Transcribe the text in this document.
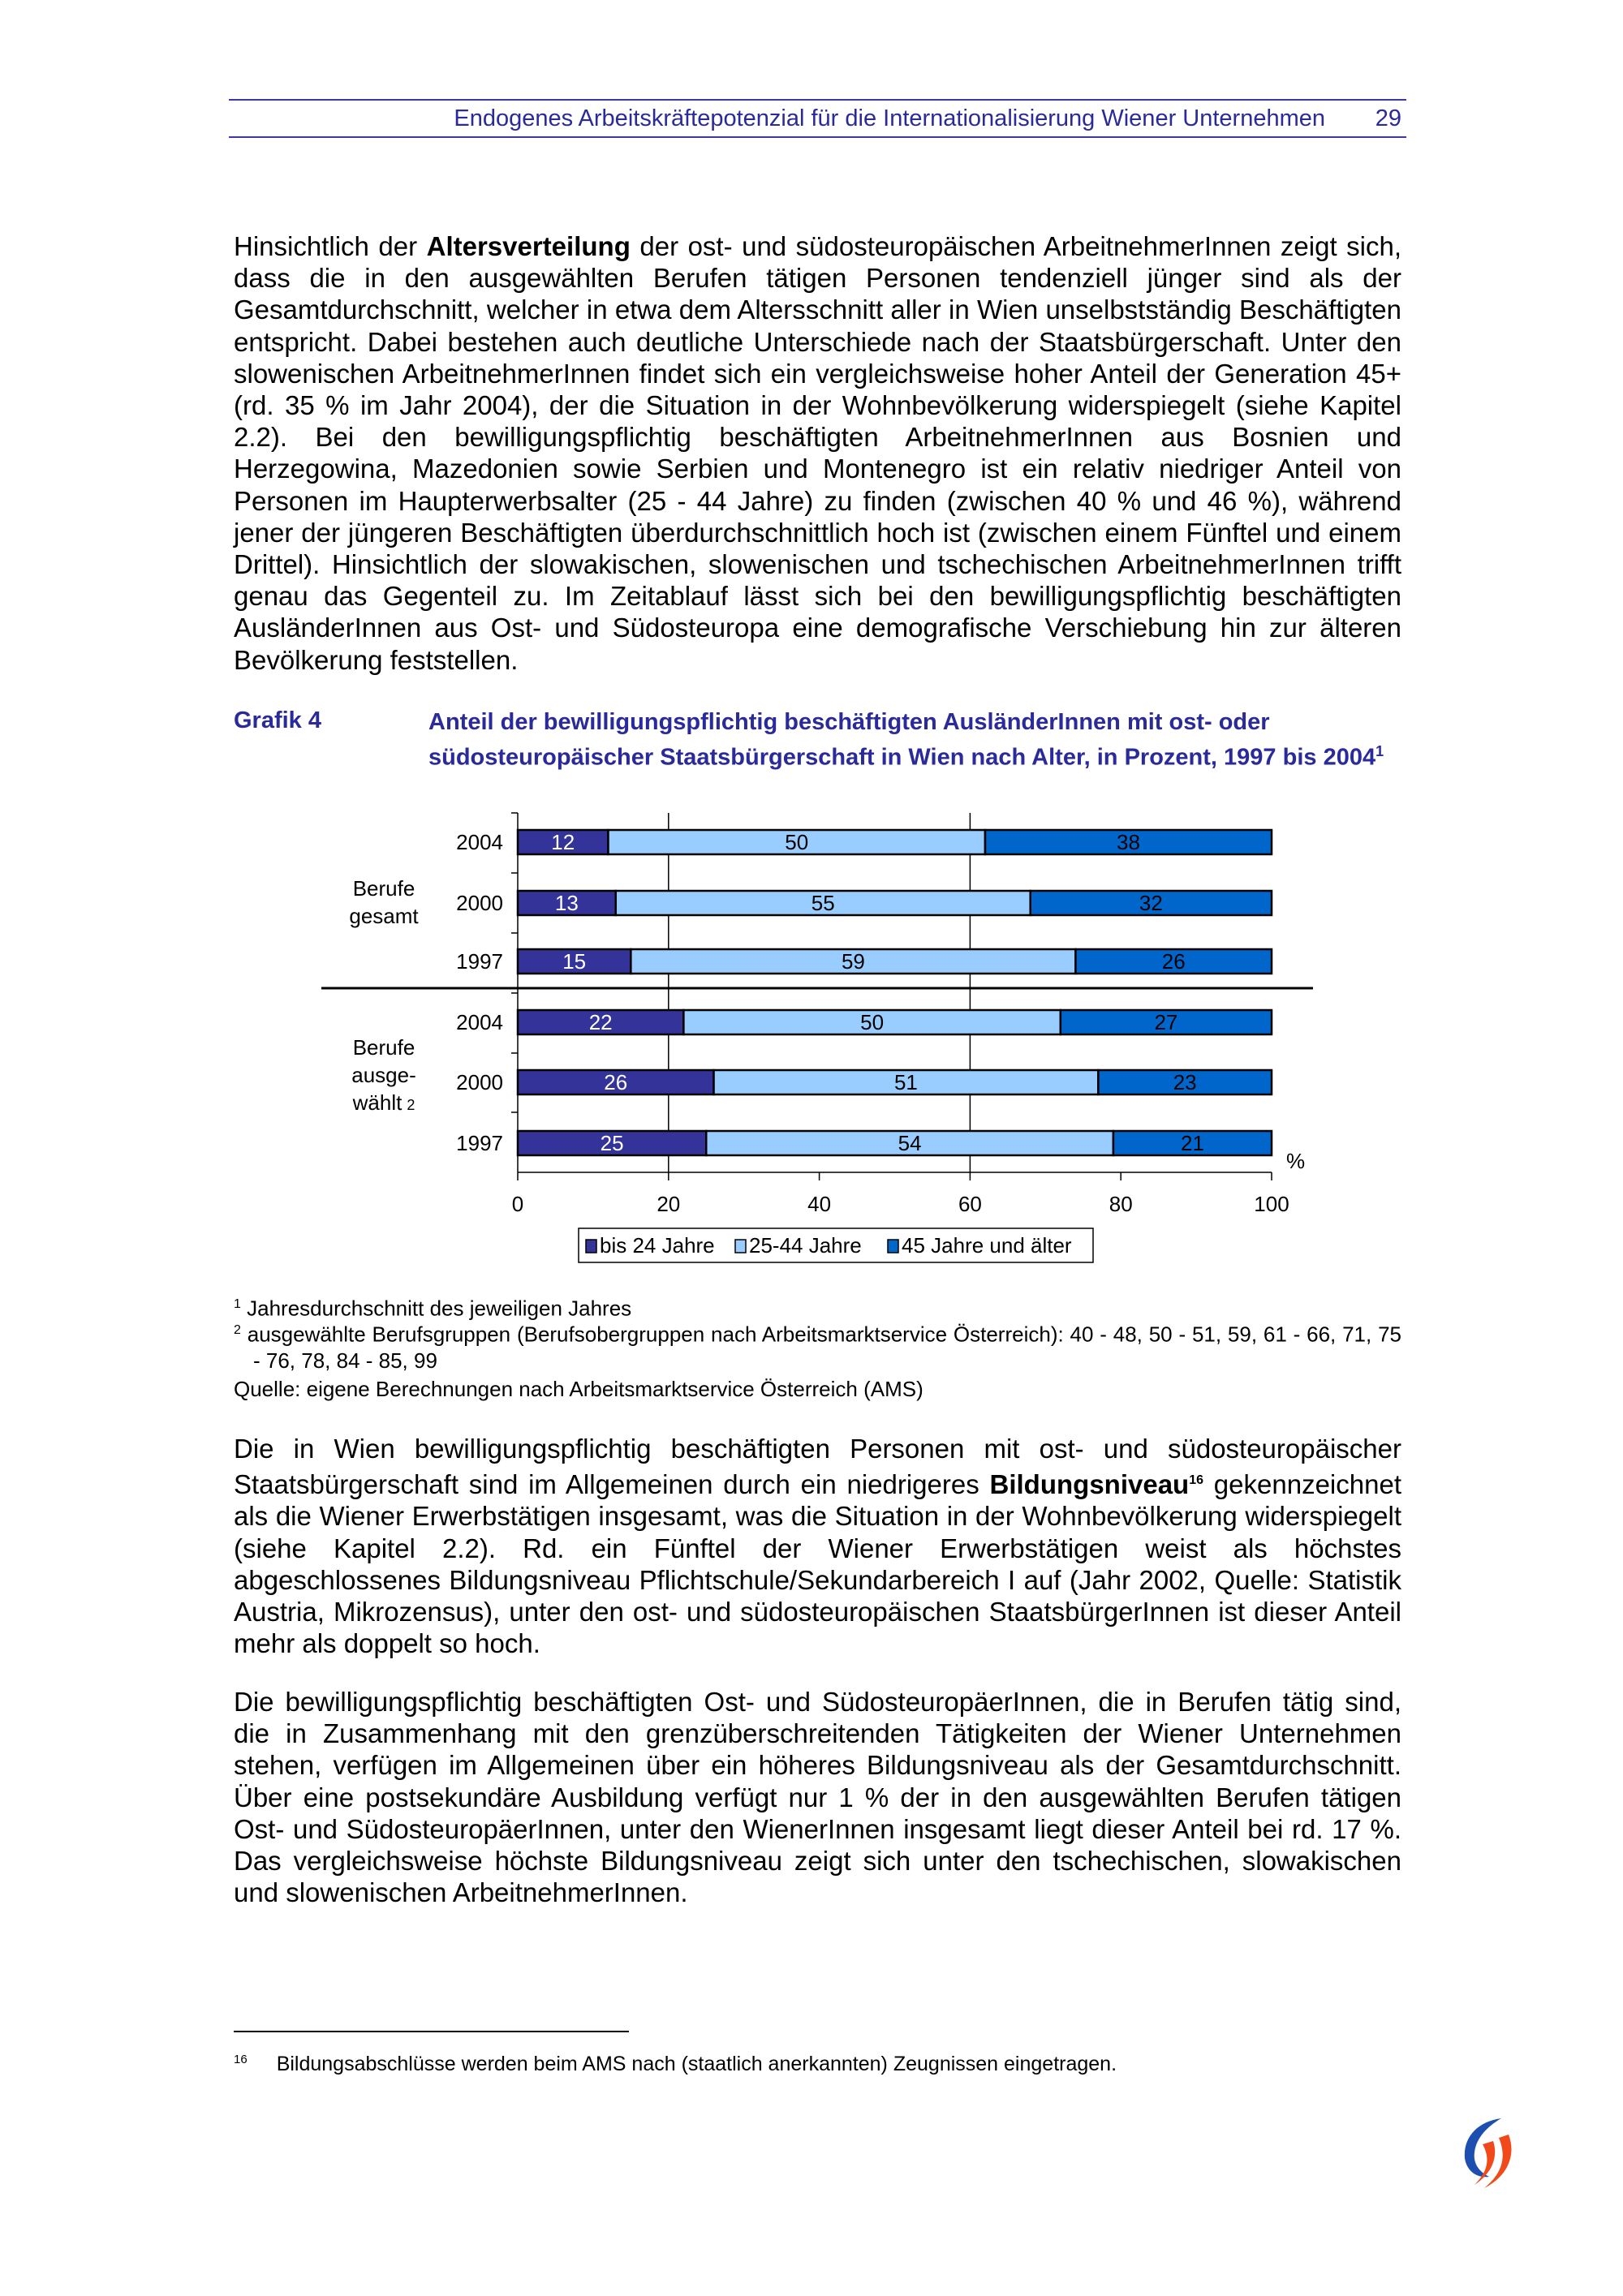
Endogenes Arbeitskräftepotenzial für die Internationalisierung Wiener Unternehmen 29
Hinsichtlich der Altersverteilung der ost- und südosteuropäischen ArbeitnehmerInnen zeigt sich, dass die in den ausgewählten Berufen tätigen Personen tendenziell jünger sind als der Gesamtdurchschnitt, welcher in etwa dem Altersschnitt aller in Wien unselbstständig Beschäftigten entspricht. Dabei bestehen auch deutliche Unterschiede nach der Staatsbürgerschaft. Unter den slowenischen ArbeitnehmerInnen findet sich ein vergleichsweise hoher Anteil der Generation 45+ (rd. 35 % im Jahr 2004), der die Situation in der Wohnbevölkerung widerspiegelt (siehe Kapitel 2.2). Bei den bewilligungspflichtig beschäftigten ArbeitnehmerInnen aus Bosnien und Herzegowina, Mazedonien sowie Serbien und Montenegro ist ein relativ niedriger Anteil von Personen im Haupterwerbsalter (25 - 44 Jahre) zu finden (zwischen 40 % und 46 %), während jener der jüngeren Beschäftigten überdurchschnittlich hoch ist (zwischen einem Fünftel und einem Drittel). Hinsichtlich der slowakischen, slowenischen und tschechischen ArbeitnehmerInnen trifft genau das Gegenteil zu. Im Zeitablauf lässt sich bei den bewilligungspflichtig beschäftigten AusländerInnen aus Ost- und Südosteuropa eine demografische Verschiebung hin zur älteren Bevölkerung feststellen.
Grafik 4	Anteil der bewilligungspflichtig beschäftigten AusländerInnen mit ost- oder südosteuropäischer Staatsbürgerschaft in Wien nach Alter, in Prozent, 1997 bis 2004$^1$
0	20	40	60	80	100
%
Berufe
gesamt
2004 12	50	38
2000 13	55	32
1997	15	59	26
Berufe
ausge-
wählt 2
2004	22	50	27
2000	26	51	23
1997	25	54	21
bis 24 Jahre 25-44 Jahre 45 Jahre und älter
$^1$ Jahresdurchschnitt des jeweiligen Jahres
$^2$ ausgewählte Berufsgruppen (Berufsobergruppen nach Arbeitsmarktservice Österreich): 40 - 48, 50 - 51, 59, 61 - 66, 71, 75 - 76, 78, 84 - 85, 99
Quelle: eigene Berechnungen nach Arbeitsmarktservice Österreich (AMS)
Die in Wien bewilligungspflichtig beschäftigten Personen mit ost- und südosteuropäischer Staatsbürgerschaft sind im Allgemeinen durch ein niedrigeres Bildungsniveau$^{16}$ gekennzeichnet als die Wiener Erwerbstätigen insgesamt, was die Situation in der Wohnbevölkerung widerspiegelt (siehe Kapitel 2.2). Rd. ein Fünftel der Wiener Erwerbstätigen weist als höchstes abgeschlossenes Bildungsniveau Pflichtschule/Sekundarbereich I auf (Jahr 2002, Quelle: Statistik Austria, Mikrozensus), unter den ost- und südosteuropäischen StaatsbürgerInnen ist dieser Anteil mehr als doppelt so hoch.
Die bewilligungspflichtig beschäftigten Ost- und SüdosteuropäerInnen, die in Berufen tätig sind, die in Zusammenhang mit den grenzüberschreitenden Tätigkeiten der Wiener Unternehmen stehen, verfügen im Allgemeinen über ein höheres Bildungsniveau als der Gesamtdurchschnitt. Über eine postsekundäre Ausbildung verfügt nur 1 % der in den ausgewählten Berufen tätigen Ost- und SüdosteuropäerInnen, unter den WienerInnen insgesamt liegt dieser Anteil bei rd. 17 %. Das vergleichsweise höchste Bildungsniveau zeigt sich unter den tschechischen, slowakischen und slowenischen ArbeitnehmerInnen.
$^{16}$ Bildungsabschlüsse werden beim AMS nach (staatlich anerkannten) Zeugnissen eingetragen.
